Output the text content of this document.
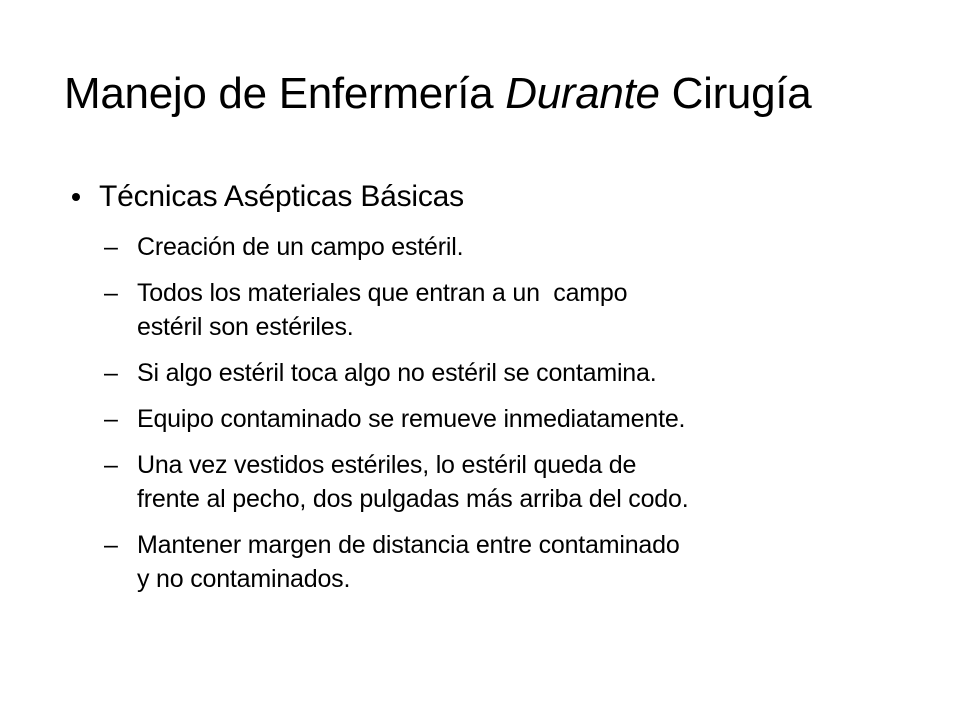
Manejo de Enfermería Durante Cirugía
Técnicas Asépticas Básicas
– Creación de un campo estéril.
– Todos los materiales que entran a un  campo
estéril son estériles.
– Si algo estéril toca algo no estéril se contamina.
– Equipo contaminado se remueve inmediatamente.
– Una vez vestidos estériles, lo estéril queda de
frente al pecho, dos pulgadas más arriba del codo.
– Mantener margen de distancia entre contaminado
y no contaminados.
